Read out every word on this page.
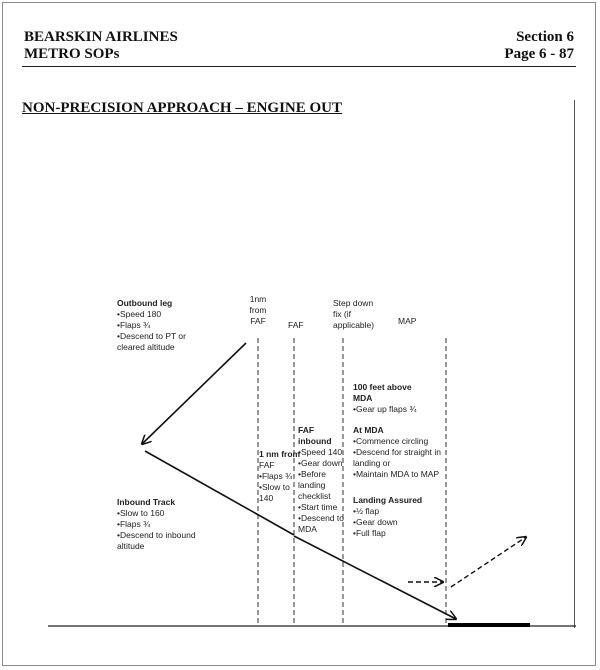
BEARSKIN AIRLINES
METRO SOPs
Section 6
Page 6 - 87
NON-PRECISION APPROACH – ENGINE OUT
1nm
from
FAF	FAF
Step down
fix (if
applicable)	MAP
Outbound leg
•Speed 180
•Flaps ¾
•Descend to PT or
cleared altitude
Inbound Track
•Slow to 160
•Flaps ¾
•Descend to inbound
altitude
1 nm from
FAF
•Flaps ¾
•Slow to
140
FAF
inbound
•Speed 140
•Gear down
•Before
landing
checklist
•Start time
•Descend to
MDA
100 feet above
MDA
•Gear up flaps ¾
At MDA
•Commence circling
•Descend for straight in
landing or
•Maintain MDA to MAP
Landing Assured
•½ flap
•Gear down
•Full flap
